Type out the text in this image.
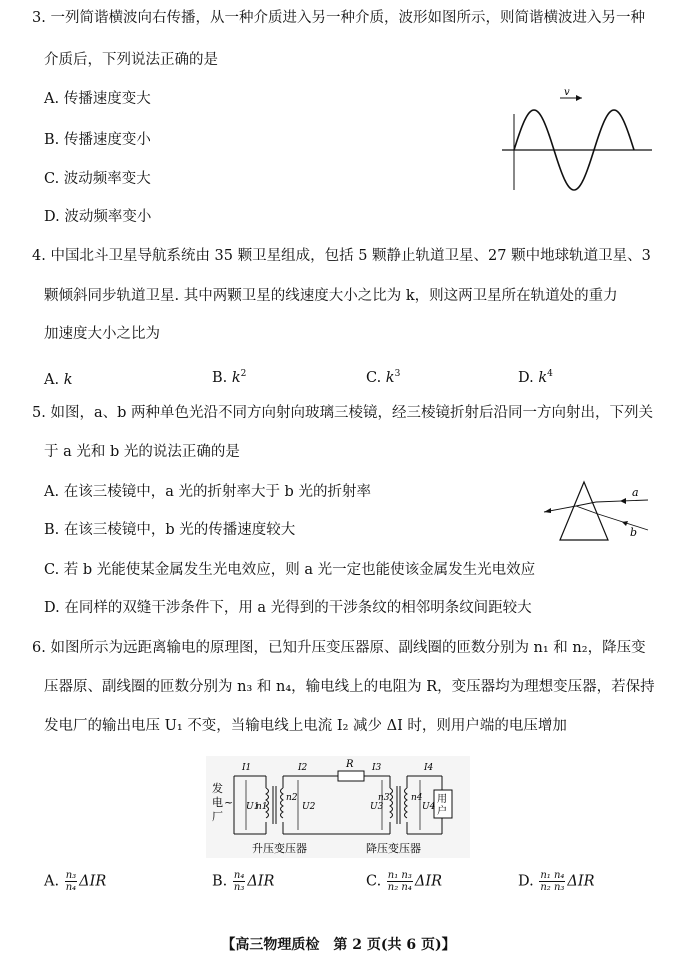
3. 一列简谐横波向右传播，从一种介质进入另一种介质，波形如图所示，则简谐横波进入另一种
介质后，下列说法正确的是
A. 传播速度变大
B. 传播速度变小
C. 波动频率变大
D. 波动频率变小
v
4. 中国北斗卫星导航系统由 35 颗卫星组成，包括 5 颗静止轨道卫星、27 颗中地球轨道卫星、3
颗倾斜同步轨道卫星. 其中两颗卫星的线速度大小之比为 k，则这两卫星所在轨道处的重力
加速度大小之比为
A. k	B. $k^2$	C. $k^3$	D. $k^4$
5. 如图，a、b 两种单色光沿不同方向射向玻璃三棱镜，经三棱镜折射后沿同一方向射出，下列关
于 a 光和 b 光的说法正确的是
A. 在该三棱镜中，a 光的折射率大于 b 光的折射率
B. 在该三棱镜中，b 光的传播速度较大
C. 若 b 光能使某金属发生光电效应，则 a 光一定也能使该金属发生光电效应
D. 在同样的双缝干涉条件下，用 a 光得到的干涉条纹的相邻明条纹间距较大
a
b
6. 如图所示为远距离输电的原理图，已知升压变压器原、副线圈的匝数分别为 n₁ 和 n₂，降压变
压器原、副线圈的匝数分别为 n₃ 和 n₄，输电线上的电阻为 R，变压器均为理想变压器，若保持
发电厂的输出电压 U₁ 不变，当输电线上电流 I₂ 减少 ΔI 时，则用户端的电压增加
发
电
厂
~	n1
n2
U1
I1	R
I2
U2
n3 n4
U3
I3
用
户
U4
I4
升压变压器	降压变压器
A. $\frac{\text{n₃}}{\text{n₄}}$ ΔIR	B. $\frac{\text{n₄}}{\text{n₃}}$ ΔIR	C. $\frac{\text{n₁ n₃}}{\text{n₂ n₄}}$ ΔIR	D. $\frac{\text{n₁ n₄}}{\text{n₂ n₃}}$ ΔIR
【高三物理质检　第 2 页(共 6 页)】
